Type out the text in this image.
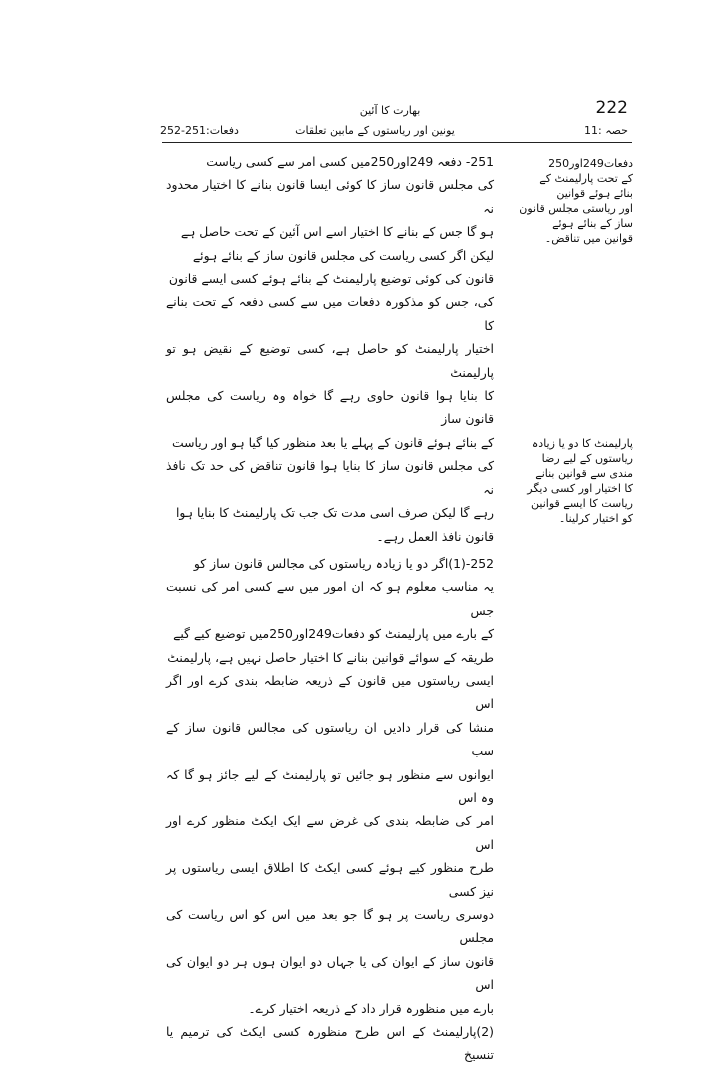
222
حصہ :11
بھارت کا آئین
یونین اور ریاستوں کے مابین تعلقات
دفعات:251-252

دفعات249اور250

کے تحت پارلیمنٹ کے

بنائے ہوئے قوانین

اور ریاستی مجلس قانون

ساز کے بنائے ہوئے

قوانین میں تناقض۔

پارلیمنٹ کا دو یا زیادہ

ریاستوں کے لیے رضا

مندی سے قوانین بنانے

کا اختیار اور کسی دیگر

ریاست کا ایسے قوانین

کو اختیار کرلینا۔

251- دفعہ 249اور250میں کسی امر سے کسی ریاست

کی مجلس قانون ساز کا کوئی ایسا قانون بنانے کا اختیار محدود نہ

ہو گا جس کے بنانے کا اختیار اسے اس آئین کے تحت حاصل ہے

لیکن اگر کسی ریاست کی مجلس قانون ساز کے بنائے ہوئے

قانون کی کوئی توضیع پارلیمنٹ کے بنائے ہوئے کسی ایسے قانون

کی، جس کو مذکورہ دفعات میں سے کسی دفعہ کے تحت بنانے کا

اختیار پارلیمنٹ کو حاصل ہے، کسی توضیع کے نقیض ہو تو پارلیمنٹ

کا بنایا ہوا قانون حاوی رہے گا خواہ وہ ریاست کی مجلس قانون ساز

کے بنائے ہوئے قانون کے پہلے یا بعد منظور کیا گیا ہو اور ریاست

کی مجلس قانون ساز کا بنایا ہوا قانون تناقض کی حد تک نافذ نہ

رہے گا لیکن صرف اسی مدت تک جب تک پارلیمنٹ کا بنایا ہوا

قانون نافذ العمل رہے۔

252-(1)اگر دو یا زیادہ ریاستوں کی مجالس قانون ساز کو

یہ مناسب معلوم ہو کہ ان امور میں سے کسی امر کی نسبت جس

کے بارے میں پارلیمنٹ کو دفعات249اور250میں توضیع کیے گیے

طریقہ کے سوائے قوانین بنانے کا اختیار حاصل نہیں ہے، پارلیمنٹ

ایسی ریاستوں میں قانون کے ذریعہ ضابطہ بندی کرے اور اگر اس

منشا کی قرار دادیں ان ریاستوں کی مجالس قانون ساز کے سب

ایوانوں سے منظور ہو جائیں تو پارلیمنٹ کے لیے جائز ہو گا کہ وہ اس

امر کی ضابطہ بندی کی غرض سے ایک ایکٹ منظور کرے اور اس

طرح منظور کیے ہوئے کسی ایکٹ کا اطلاق ایسی ریاستوں پر نیز کسی

دوسری ریاست پر ہو گا جو بعد میں اس کو اس ریاست کی مجلس

قانون ساز کے ایوان کی یا جہاں دو ایوان ہوں ہر دو ایوان کی اس

بارے میں منظورہ قرار داد کے ذریعہ اختیار کرے۔

(2)پارلیمنٹ کے اس طرح منظورہ کسی ایکٹ کی ترمیم یا تنسیخ
